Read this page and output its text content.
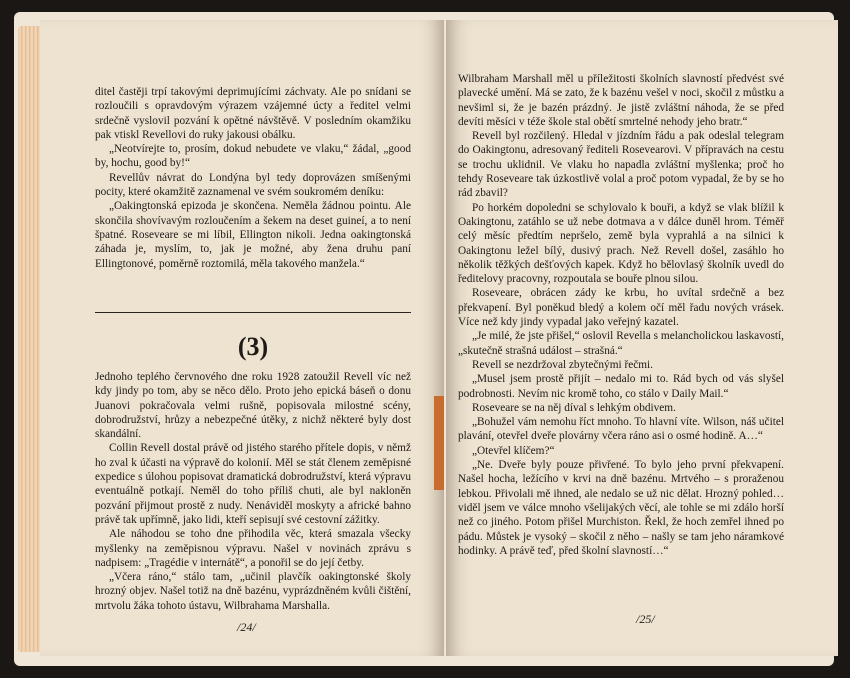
ditel častěji trpí takovými deprimujícími záchvaty. Ale po snídani se rozloučili s opravdovým výrazem vzájemné úcty a ředitel velmi srdečně vyslovil pozvání k opětné návštěvě. V posledním okamžiku pak vtiskl Revellovi do ruky jakousi obálku.

„Neotvírejte to, prosím, dokud nebudete ve vlaku,“ žádal, „good by, hochu, good by!“

Revellův návrat do Londýna byl tedy doprovázen smíšenými pocity, které okamžitě zaznamenal ve svém soukromém deníku:

„Oakingtonská epizoda je skončena. Neměla žádnou pointu. Ale skončila shovívavým rozloučením a šekem na deset guineí, a to není špatné. Roseveare se mi líbil, Ellington nikoli. Jedna oakingtonská záhada je, myslím, to, jak je možné, aby žena druhu paní Ellingtonové, poměrně roztomilá, měla takového manžela.“

(3)

Jednoho teplého červnového dne roku 1928 zatoužil Revell víc než kdy jindy po tom, aby se něco dělo. Proto jeho epická báseň o donu Juanovi pokračovala velmi rušně, popisovala milostné scény, dobrodružství, hrůzy a nebezpečné útěky, z nichž některé byly dost skandální.

Collin Revell dostal právě od jistého starého přítele dopis, v němž ho zval k účasti na výpravě do kolonií. Měl se stát členem zeměpisné expedice s úlohou popisovat dramatická dobrodružství, která výpravu eventuálně potkají. Neměl do toho příliš chuti, ale byl nakloněn pozvání přijmout prostě z nudy. Nenáviděl moskyty a africké bahno právě tak upřímně, jako lidi, kteří sepisují své cestovní zážitky.

Ale náhodou se toho dne přihodila věc, která smazala všecky myšlenky na zeměpisnou výpravu. Našel v novinách zprávu s nadpisem: „Tragédie v internátě“, a ponořil se do její četby.

„Včera ráno,“ stálo tam, „učinil plavčík oakingtonské školy hrozný objev. Našel totiž na dně bazénu, vyprázdněném kvůli čištění, mrtvolu žáka tohoto ústavu, Wilbrahama Marshalla.

/24/

Wilbraham Marshall měl u příležitosti školních slavností předvést své plavecké umění. Má se zato, že k bazénu vešel v noci, skočil z můstku a nevšiml si, že je bazén prázdný. Je jistě zvláštní náhoda, že se před devíti měsíci v téže škole stal obětí smrtelné nehody jeho bratr.“

Revell byl rozčilený. Hledal v jízdním řádu a pak odeslal telegram do Oakingtonu, adresovaný řediteli Rosevearovi. V přípravách na cestu se trochu uklidnil. Ve vlaku ho napadla zvláštní myšlenka; proč ho tehdy Roseveare tak úzkostlivě volal a proč potom vypadal, že by se ho rád zbavil?

Po horkém dopoledni se schylovalo k bouři, a když se vlak blížil k Oakingtonu, zatáhlo se už nebe dotmava a v dálce duněl hrom. Téměř celý měsíc předtím nepršelo, země byla vyprahlá a na silnici k Oakingtonu ležel bílý, dusivý prach. Než Revell došel, zasáhlo ho několik těžkých dešťových kapek. Když ho bělovlasý školník uvedl do ředitelovy pracovny, rozpoutala se bouře plnou silou.

Roseveare, obrácen zády ke krbu, ho uvítal srdečně a bez překvapení. Byl poněkud bledý a kolem očí měl řadu nových vrásek. Více než kdy jindy vypadal jako veřejný kazatel.

„Je milé, že jste přišel,“ oslovil Revella s melancholickou laskavostí, „skutečně strašná událost – strašná.“

Revell se nezdržoval zbytečnými řečmi.

„Musel jsem prostě přijít – nedalo mi to. Rád bych od vás slyšel podrobnosti. Nevím nic kromě toho, co stálo v Daily Mail.“

Roseveare se na něj díval s lehkým obdivem.

„Bohužel vám nemohu říct mnoho. To hlavní víte. Wilson, náš učitel plavání, otevřel dveře plovárny včera ráno asi o osmé hodině. A…“

„Otevřel klíčem?“

„Ne. Dveře byly pouze přivřené. To bylo jeho první překvapení. Našel hocha, ležícího v krvi na dně bazénu. Mrtvého – s proraženou lebkou. Přivolali mě ihned, ale nedalo se už nic dělat. Hrozný pohled… viděl jsem ve válce mnoho všelijakých věcí, ale tohle se mi zdálo horší než co jiného. Potom přišel Murchiston. Řekl, že hoch zemřel ihned po pádu. Můstek je vysoký – skočil z něho – našly se tam jeho náramkové hodinky. A právě teď, před školní slavností…“

/25/
